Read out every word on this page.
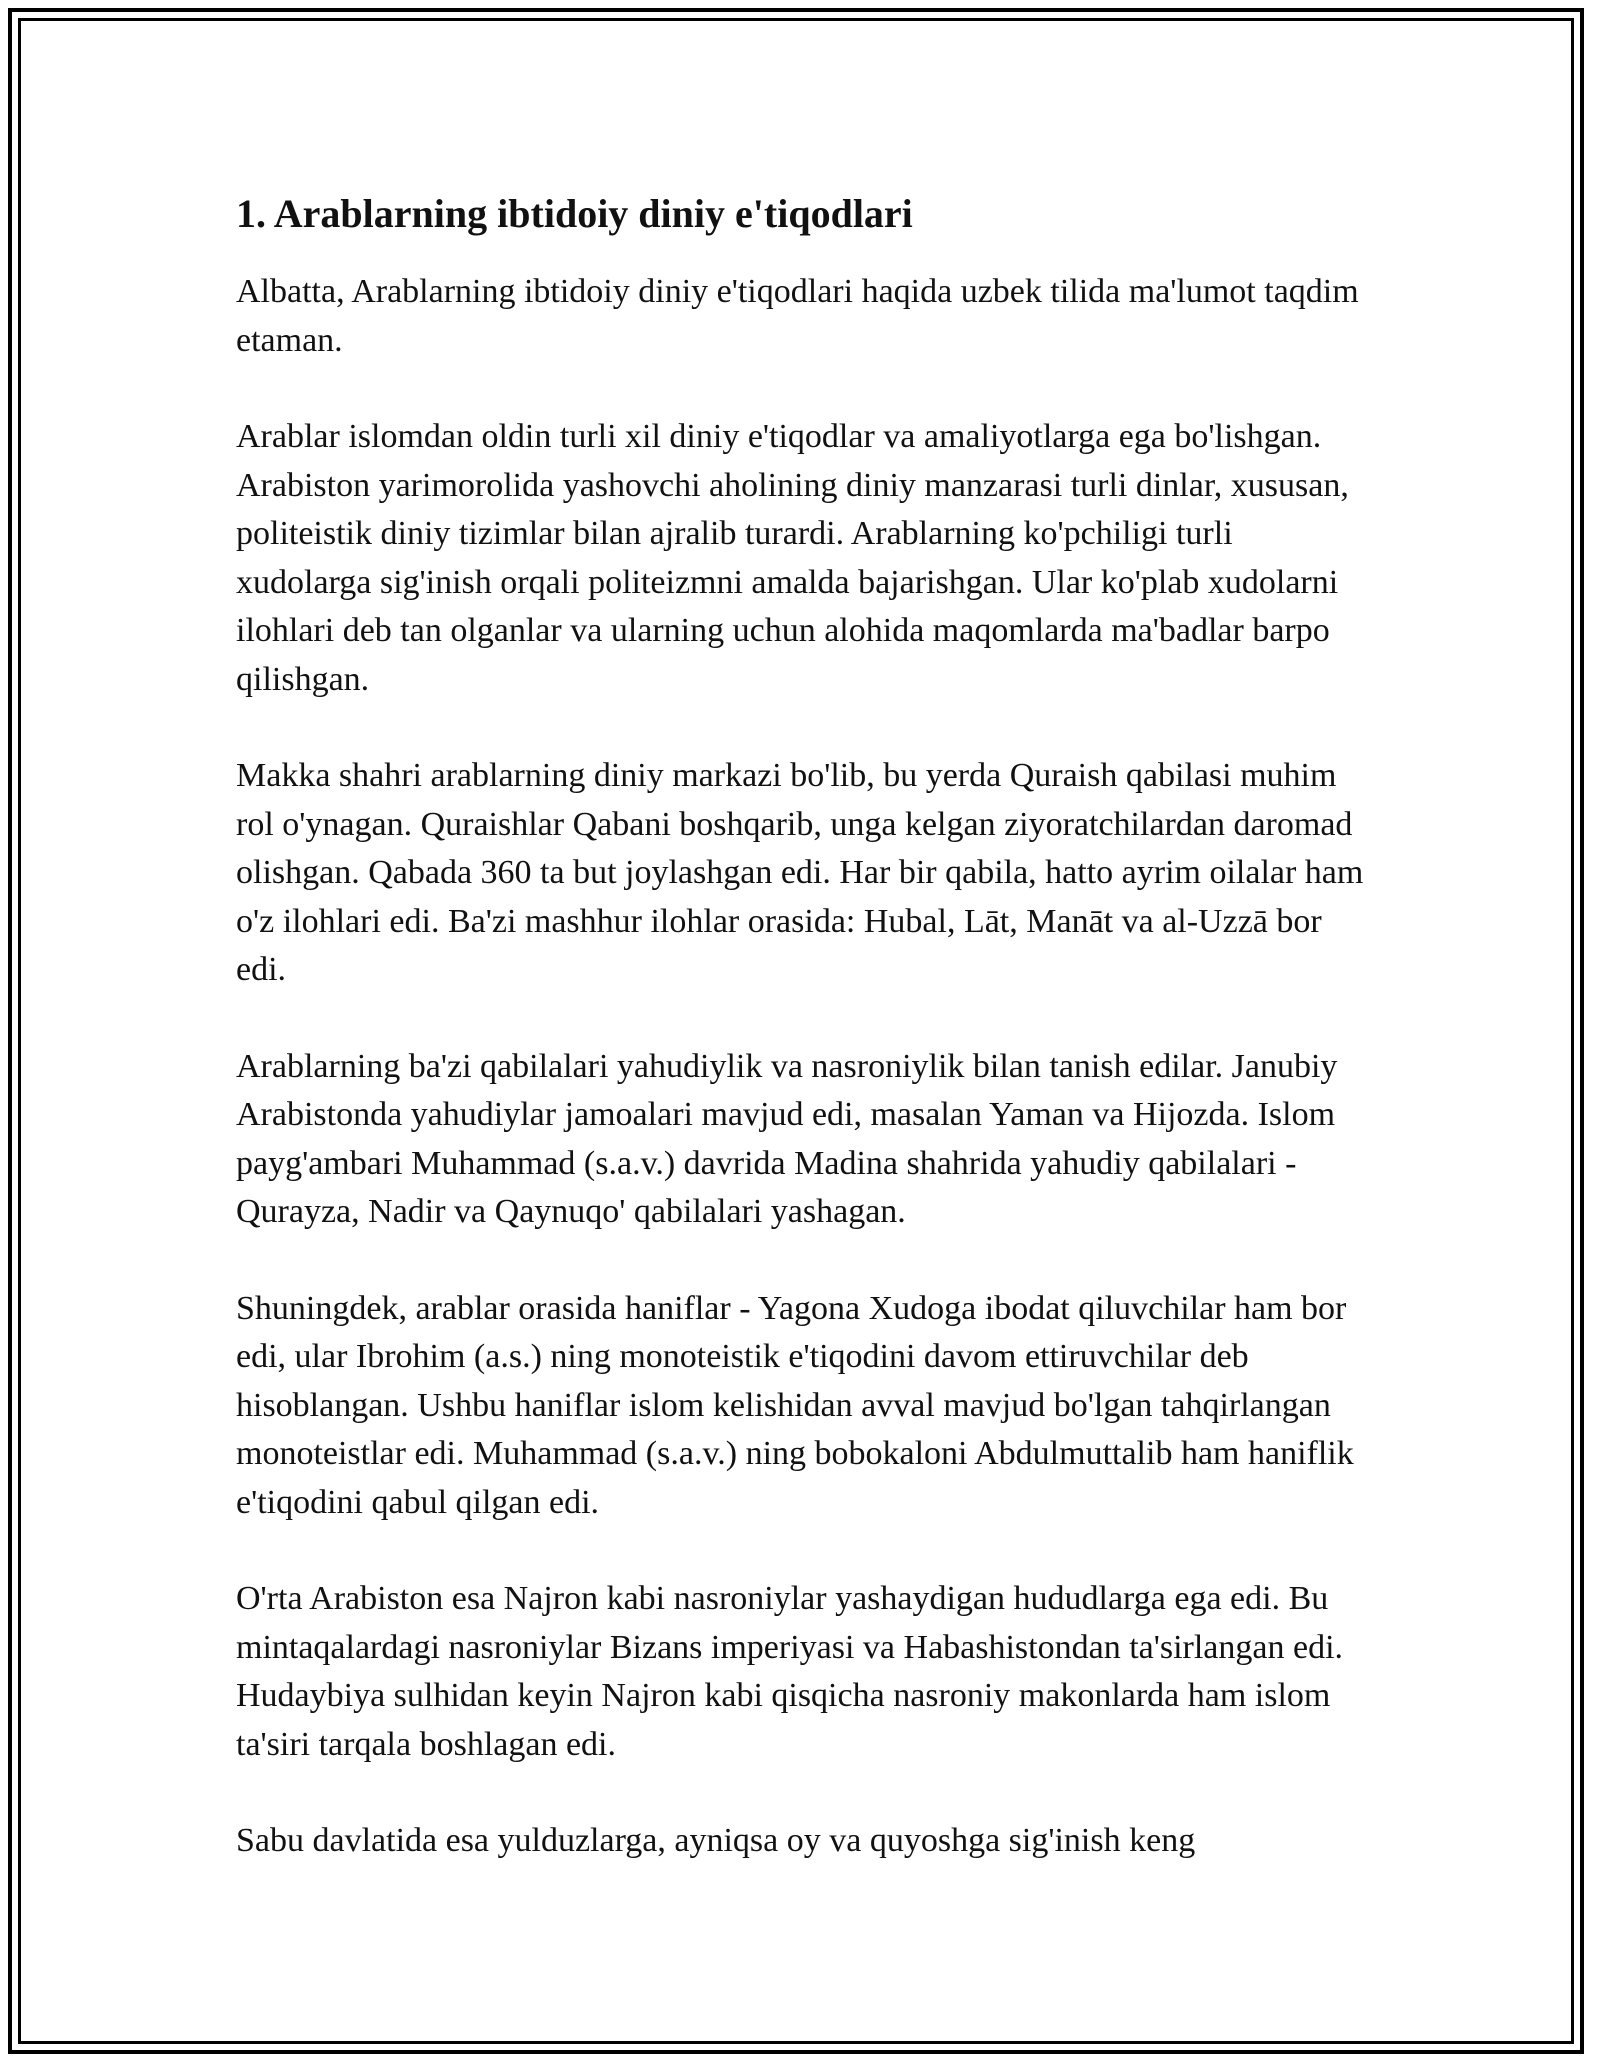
1. Arablarning ibtidoiy diniy e'tiqodlari

Albatta, Arablarning ibtidoiy diniy e'tiqodlari haqida uzbek tilida ma'lumot taqdim etaman.

Arablar islomdan oldin turli xil diniy e'tiqodlar va amaliyotlarga ega bo'lishgan. Arabiston yarimorolida yashovchi aholining diniy manzarasi turli dinlar, xususan, politeistik diniy tizimlar bilan ajralib turardi. Arablarning ko'pchiligi turli xudolarga sig'inish orqali politeizmni amalda bajarishgan. Ular ko'plab xudolarni ilohlari deb tan olganlar va ularning uchun alohida maqomlarda ma'badlar barpo qilishgan.

Makka shahri arablarning diniy markazi bo'lib, bu yerda Quraish qabilasi muhim rol o'ynagan. Quraishlar Qabani boshqarib, unga kelgan ziyoratchilardan daromad olishgan. Qabada 360 ta but joylashgan edi. Har bir qabila, hatto ayrim oilalar ham o'z ilohlari edi. Ba'zi mashhur ilohlar orasida: Hubal, Lāt, Manāt va al-Uzzā bor edi.

Arablarning ba'zi qabilalari yahudiylik va nasroniylik bilan tanish edilar. Janubiy Arabistonda yahudiylar jamoalari mavjud edi, masalan Yaman va Hijozda. Islom payg'ambari Muhammad (s.a.v.) davrida Madina shahrida yahudiy qabilalari - Qurayza, Nadir va Qaynuqo' qabilalari yashagan.

Shuningdek, arablar orasida haniflar - Yagona Xudoga ibodat qiluvchilar ham bor edi, ular Ibrohim (a.s.) ning monoteistik e'tiqodini davom ettiruvchilar deb hisoblangan. Ushbu haniflar islom kelishidan avval mavjud bo'lgan tahqirlangan monoteistlar edi. Muhammad (s.a.v.) ning bobokaloni Abdulmuttalib ham haniflik e'tiqodini qabul qilgan edi.

O'rta Arabiston esa Najron kabi nasroniylar yashaydigan hududlarga ega edi. Bu mintaqalardagi nasroniylar Bizans imperiyasi va Habashistondan ta'sirlangan edi. Hudaybiya sulhidan keyin Najron kabi qisqicha nasroniy makonlarda ham islom ta'siri tarqala boshlagan edi.

Sabu davlatida esa yulduzlarga, ayniqsa oy va quyoshga sig'inish keng
